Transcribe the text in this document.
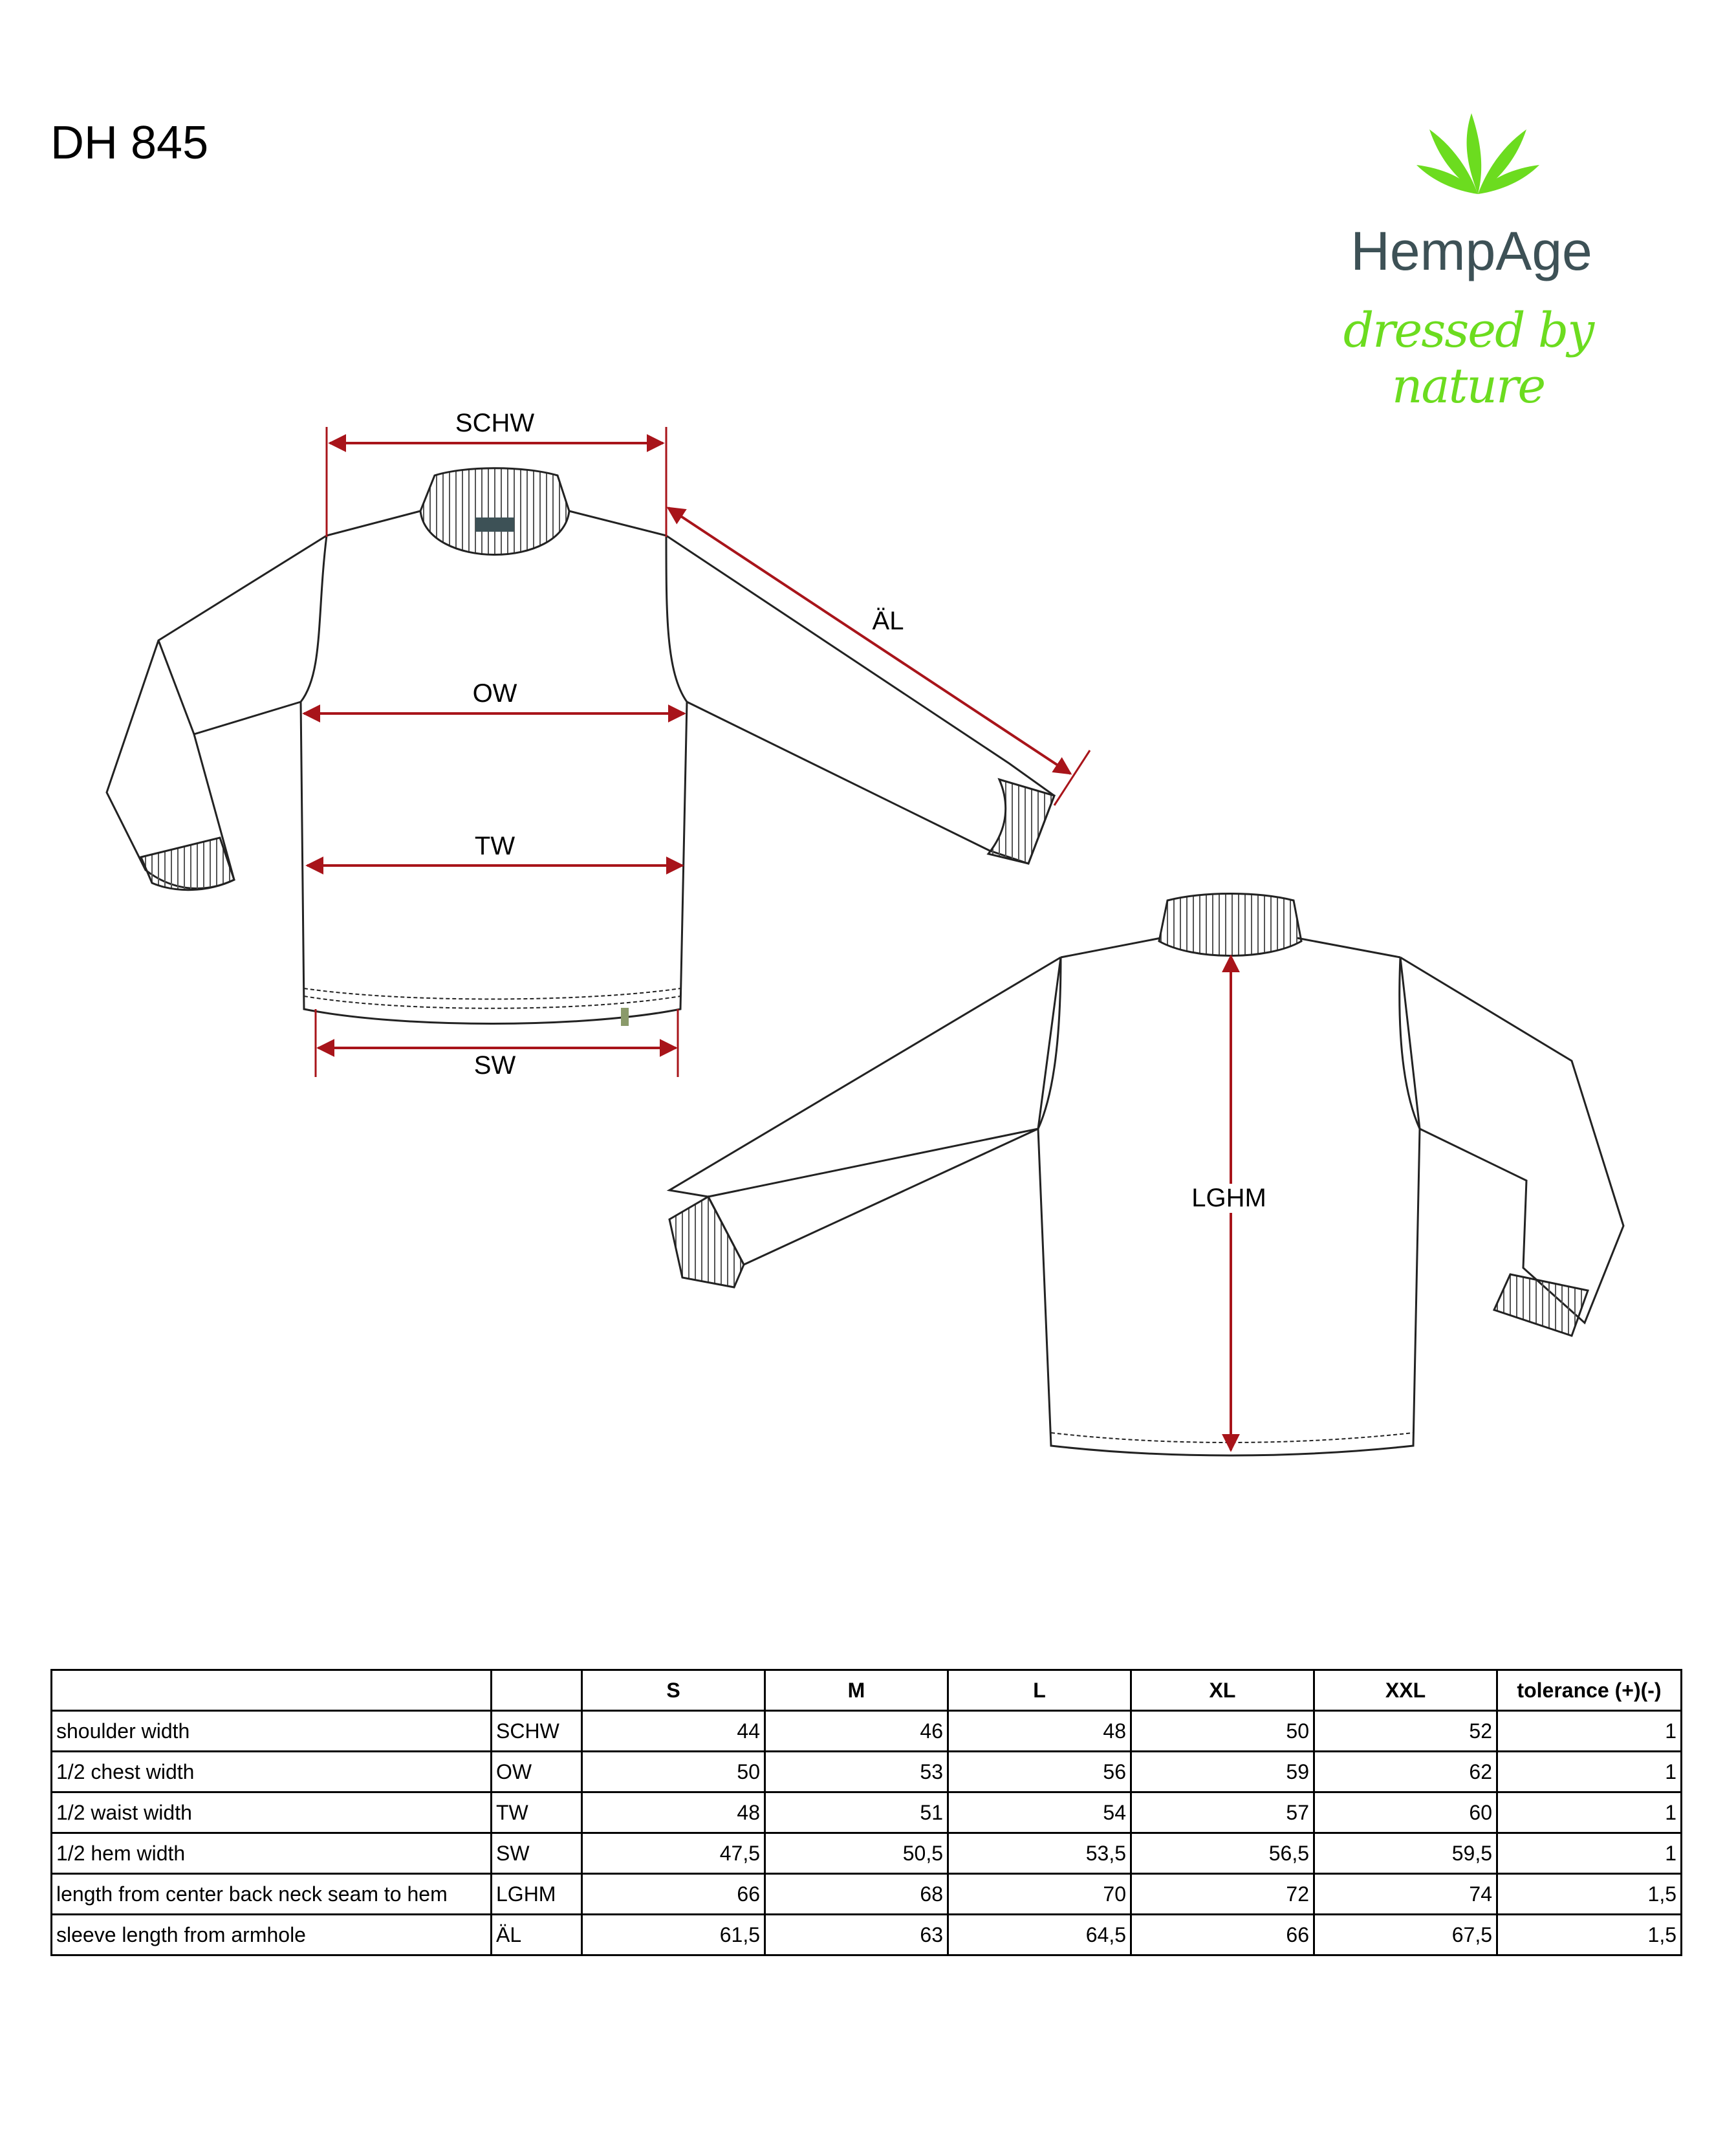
DH 845
HempAge
dressed by nature
SCHW
ÄL
OW
TW
SW
LGHM
		S	M	L	XL	XXL	tolerance (+)(-)
shoulder width	SCHW	44	46	48	50	52	1
1/2 chest width	OW	50	53	56	59	62	1
1/2 waist width	TW	48	51	54	57	60	1
1/2 hem width	SW	47,5	50,5	53,5	56,5	59,5	1
length from center back neck seam to hem	LGHM	66	68	70	72	74	1,5
sleeve length from armhole	ÄL	61,5	63	64,5	66	67,5	1,5
